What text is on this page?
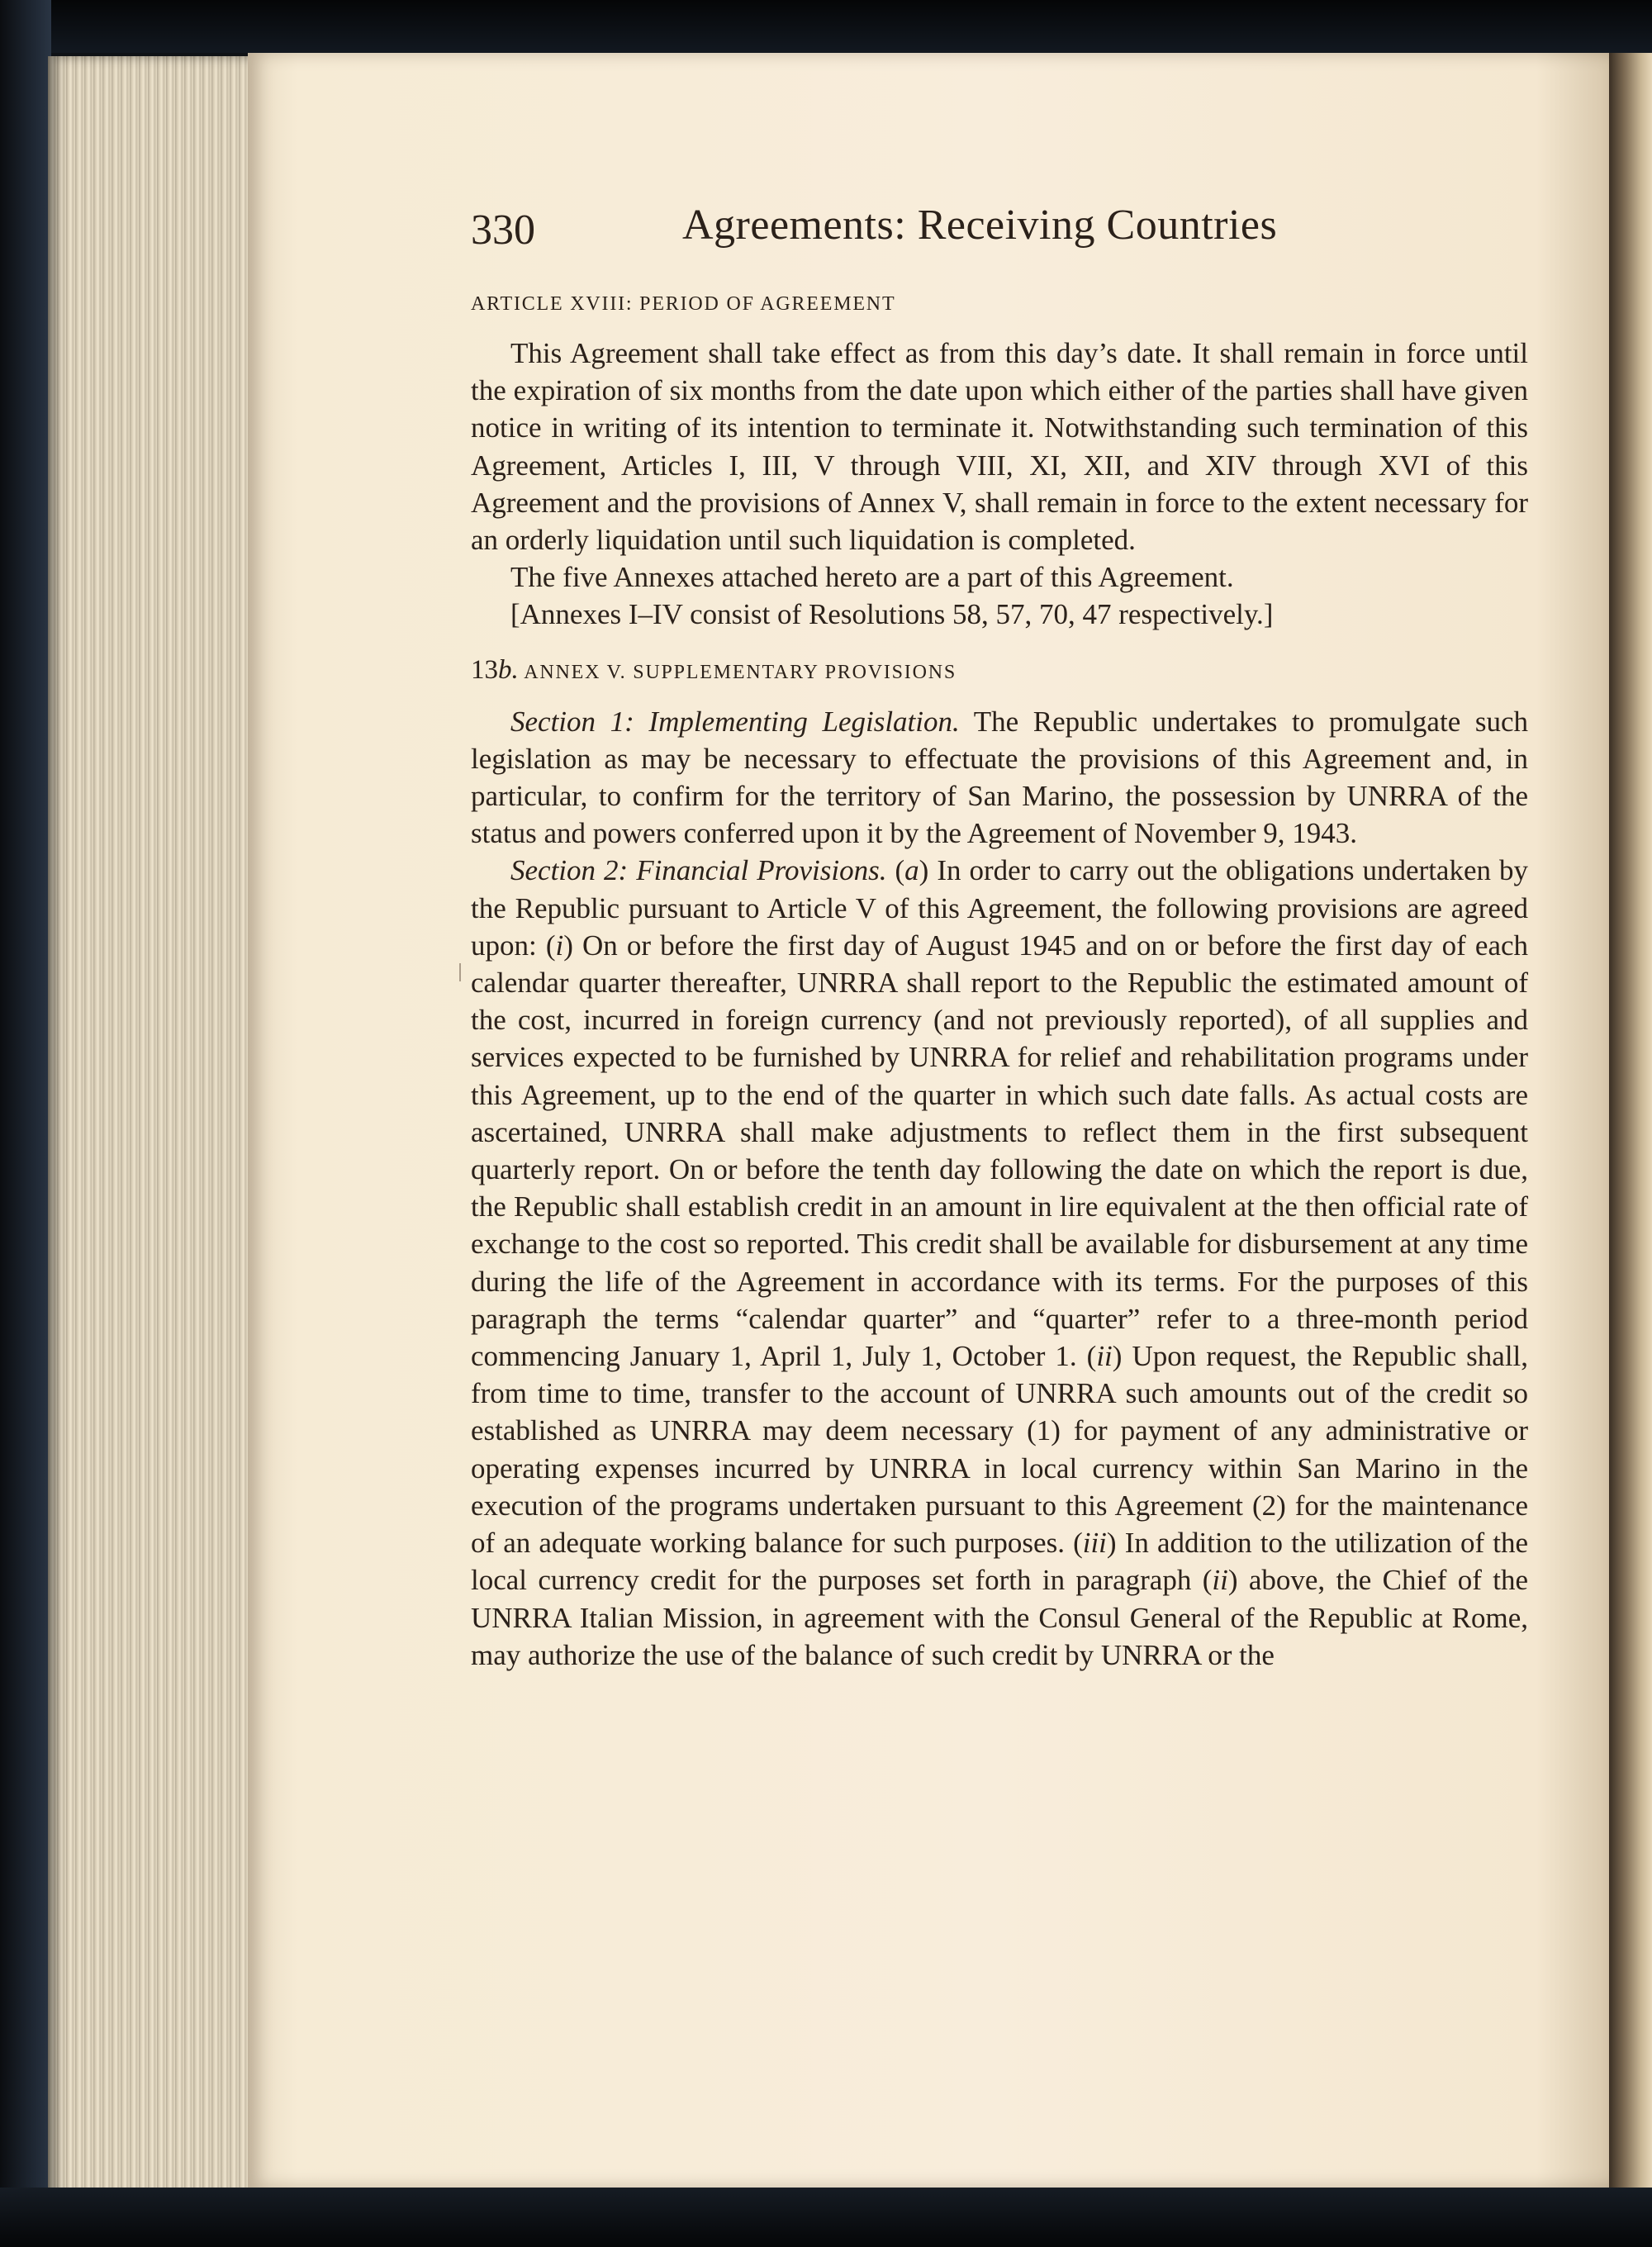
330	Agreements: Receiving Countries
ARTICLE XVIII: PERIOD OF AGREEMENT

This Agreement shall take effect as from this day’s date. It shall remain in force until the expiration of six months from the date upon which either of the parties shall have given notice in writing of its intention to terminate it. Notwithstanding such termination of this Agreement, Articles I, III, V through VIII, XI, XII, and XIV through XVI of this Agreement and the provisions of Annex V, shall remain in force to the extent necessary for an orderly liquidation until such liquidation is completed.

The five Annexes attached hereto are a part of this Agreement.

[Annexes I–IV consist of Resolutions 58, 57, 70, 47 respectively.]

13b. ANNEX V. SUPPLEMENTARY PROVISIONS

Section 1: Implementing Legislation. The Republic undertakes to promulgate such legislation as may be necessary to effectuate the provisions of this Agreement and, in particular, to confirm for the territory of San Marino, the possession by UNRRA of the status and powers conferred upon it by the Agreement of November 9, 1943.

Section 2: Financial Provisions. (a) In order to carry out the obligations undertaken by the Republic pursuant to Article V of this Agreement, the following provisions are agreed upon: (i) On or before the first day of August 1945 and on or before the first day of each calendar quarter thereafter, UNRRA shall report to the Republic the estimated amount of the cost, incurred in foreign currency (and not previously reported), of all supplies and services expected to be furnished by UNRRA for relief and rehabilitation programs under this Agreement, up to the end of the quarter in which such date falls. As actual costs are ascertained, UNRRA shall make adjustments to reflect them in the first subsequent quarterly report. On or before the tenth day following the date on which the report is due, the Republic shall establish credit in an amount in lire equivalent at the then official rate of exchange to the cost so reported. This credit shall be available for disbursement at any time during the life of the Agreement in accordance with its terms. For the purposes of this paragraph the terms “calendar quarter” and “quarter” refer to a three-month period commencing January 1, April 1, July 1, October 1. (ii) Upon request, the Republic shall, from time to time, transfer to the account of UNRRA such amounts out of the credit so established as UNRRA may deem necessary (1) for payment of any administrative or operating expenses incurred by UNRRA in local currency within San Marino in the execution of the programs undertaken pursuant to this Agreement (2) for the maintenance of an adequate working balance for such purposes. (iii) In addition to the utilization of the local currency credit for the purposes set forth in paragraph (ii) above, the Chief of the UNRRA Italian Mission, in agreement with the Consul General of the Republic at Rome, may authorize the use of the balance of such credit by UNRRA or the
